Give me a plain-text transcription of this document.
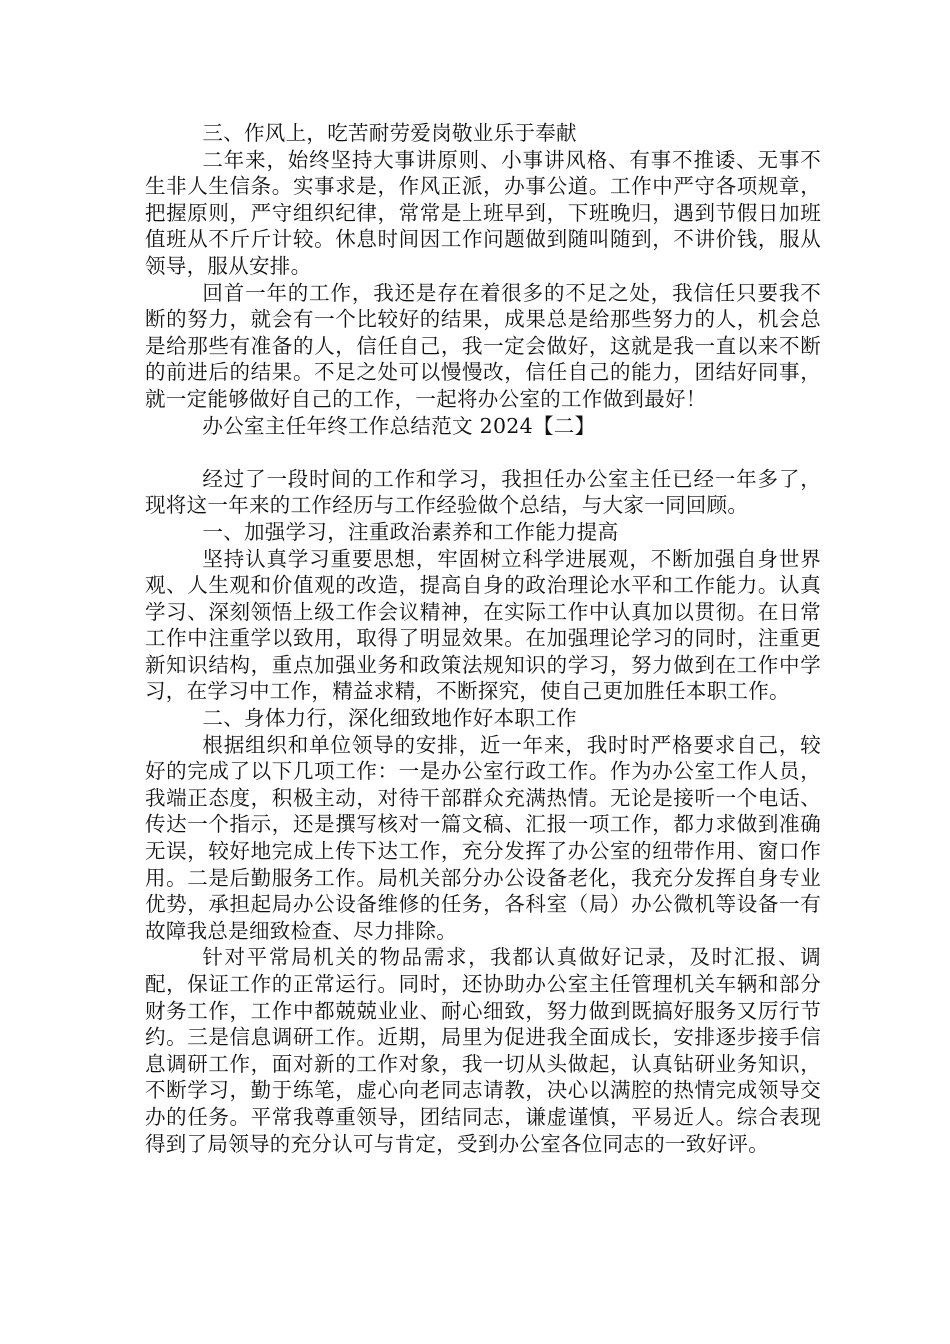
三、作风上，吃苦耐劳爱岗敬业乐于奉献

二年来，始终坚持大事讲原则、小事讲风格、有事不推诿、无事不生非人生信条。实事求是，作风正派，办事公道。工作中严守各项规章，把握原则，严守组织纪律，常常是上班早到，下班晚归，遇到节假日加班值班从不斤斤计较。休息时间因工作问题做到随叫随到，不讲价钱，服从领导，服从安排。

回首一年的工作，我还是存在着很多的不足之处，我信任只要我不断的努力，就会有一个比较好的结果，成果总是给那些努力的人，机会总是给那些有准备的人，信任自己，我一定会做好，这就是我一直以来不断的前进后的结果。不足之处可以慢慢改，信任自己的能力，团结好同事，就一定能够做好自己的工作，一起将办公室的工作做到最好！

办公室主任年终工作总结范文 2024【二】

经过了一段时间的工作和学习，我担任办公室主任已经一年多了，现将这一年来的工作经历与工作经验做个总结，与大家一同回顾。

一、加强学习，注重政治素养和工作能力提高

坚持认真学习重要思想，牢固树立科学进展观，不断加强自身世界观、人生观和价值观的改造，提高自身的政治理论水平和工作能力。认真学习、深刻领悟上级工作会议精神，在实际工作中认真加以贯彻。在日常工作中注重学以致用，取得了明显效果。在加强理论学习的同时，注重更新知识结构，重点加强业务和政策法规知识的学习，努力做到在工作中学习，在学习中工作，精益求精，不断探究，使自己更加胜任本职工作。

二、身体力行，深化细致地作好本职工作

根据组织和单位领导的安排，近一年来，我时时严格要求自己，较好的完成了以下几项工作：一是办公室行政工作。作为办公室工作人员，我端正态度，积极主动，对待干部群众充满热情。无论是接听一个电话、传达一个指示，还是撰写核对一篇文稿、汇报一项工作，都力求做到准确无误，较好地完成上传下达工作，充分发挥了办公室的纽带作用、窗口作用。二是后勤服务工作。局机关部分办公设备老化，我充分发挥自身专业优势，承担起局办公设备维修的任务，各科室（局）办公微机等设备一有故障我总是细致检查、尽力排除。

针对平常局机关的物品需求，我都认真做好记录，及时汇报、调配，保证工作的正常运行。同时，还协助办公室主任管理机关车辆和部分财务工作，工作中都兢兢业业、耐心细致，努力做到既搞好服务又厉行节约。三是信息调研工作。近期，局里为促进我全面成长，安排逐步接手信息调研工作，面对新的工作对象，我一切从头做起，认真钻研业务知识，不断学习，勤于练笔，虚心向老同志请教，决心以满腔的热情完成领导交办的任务。平常我尊重领导，团结同志，谦虚谨慎，平易近人。综合表现得到了局领导的充分认可与肯定，受到办公室各位同志的一致好评。
